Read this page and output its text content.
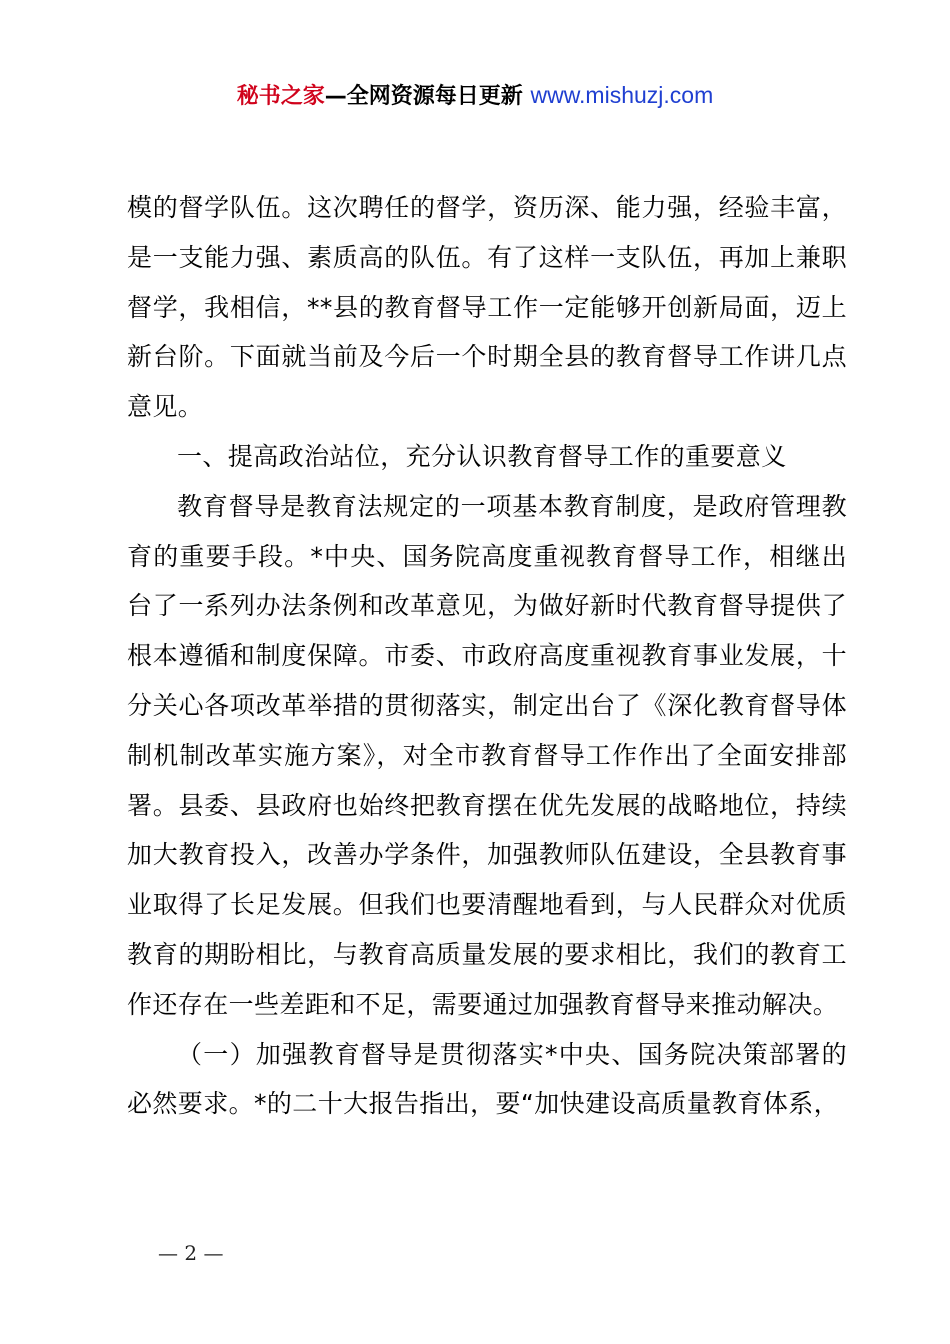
秘书之家—全网资源每日更新 www.mishuzj.com

模的督学队伍。这次聘任的督学，资历深、能力强，经验丰富，是一支能力强、素质高的队伍。有了这样一支队伍，再加上兼职督学，我相信，**县的教育督导工作一定能够开创新局面，迈上新台阶。下面就当前及今后一个时期全县的教育督导工作讲几点意见。

一、提高政治站位，充分认识教育督导工作的重要意义

教育督导是教育法规定的一项基本教育制度，是政府管理教育的重要手段。*中央、国务院高度重视教育督导工作，相继出台了一系列办法条例和改革意见，为做好新时代教育督导提供了根本遵循和制度保障。市委、市政府高度重视教育事业发展，十分关心各项改革举措的贯彻落实，制定出台了《深化教育督导体制机制改革实施方案》，对全市教育督导工作作出了全面安排部署。县委、县政府也始终把教育摆在优先发展的战略地位，持续加大教育投入，改善办学条件，加强教师队伍建设，全县教育事业取得了长足发展。但我们也要清醒地看到，与人民群众对优质教育的期盼相比，与教育高质量发展的要求相比，我们的教育工作还存在一些差距和不足，需要通过加强教育督导来推动解决。

（一）加强教育督导是贯彻落实*中央、国务院决策部署的必然要求。*的二十大报告指出，要“加快建设高质量教育体系，

— 2 —
